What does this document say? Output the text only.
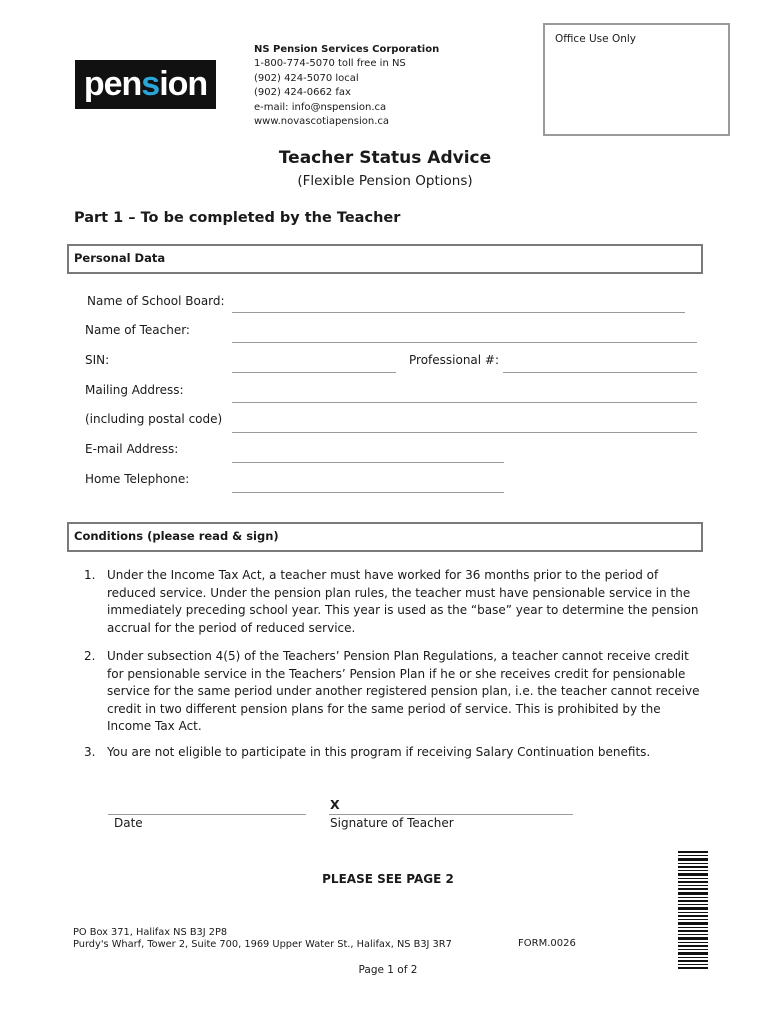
pension
NS Pension Services Corporation
1-800-774-5070 toll free in NS
(902) 424-5070 local
(902) 424-0662 fax
e-mail: info@nspension.ca
www.novascotiapension.ca
Office Use Only
Teacher Status Advice
(Flexible Pension Options)
Part 1 – To be completed by the Teacher
Personal Data
Name of School Board:
Name of Teacher:
SIN:	Professional #:
Mailing Address:
(including postal code)
E-mail Address:
Home Telephone:
Conditions (please read & sign)
1. Under the Income Tax Act, a teacher must have worked for 36 months prior to the period of reduced service. Under the pension plan rules, the teacher must have pensionable service in the immediately preceding school year. This year is used as the “base” year to determine the pension accrual for the period of reduced service.
2. Under subsection 4(5) of the Teachers’ Pension Plan Regulations, a teacher cannot receive credit for pensionable service in the Teachers’ Pension Plan if he or she receives credit for pensionable service for the same period under another registered pension plan, i.e. the teacher cannot receive credit in two different pension plans for the same period of service. This is prohibited by the Income Tax Act.
3. You are not eligible to participate in this program if receiving Salary Continuation benefits.
Date
X
Signature of Teacher
PLEASE SEE PAGE 2
PO Box 371, Halifax NS B3J 2P8
Purdy's Wharf, Tower 2, Suite 700, 1969 Upper Water St., Halifax, NS B3J 3R7	FORM.0026
Page 1 of 2
